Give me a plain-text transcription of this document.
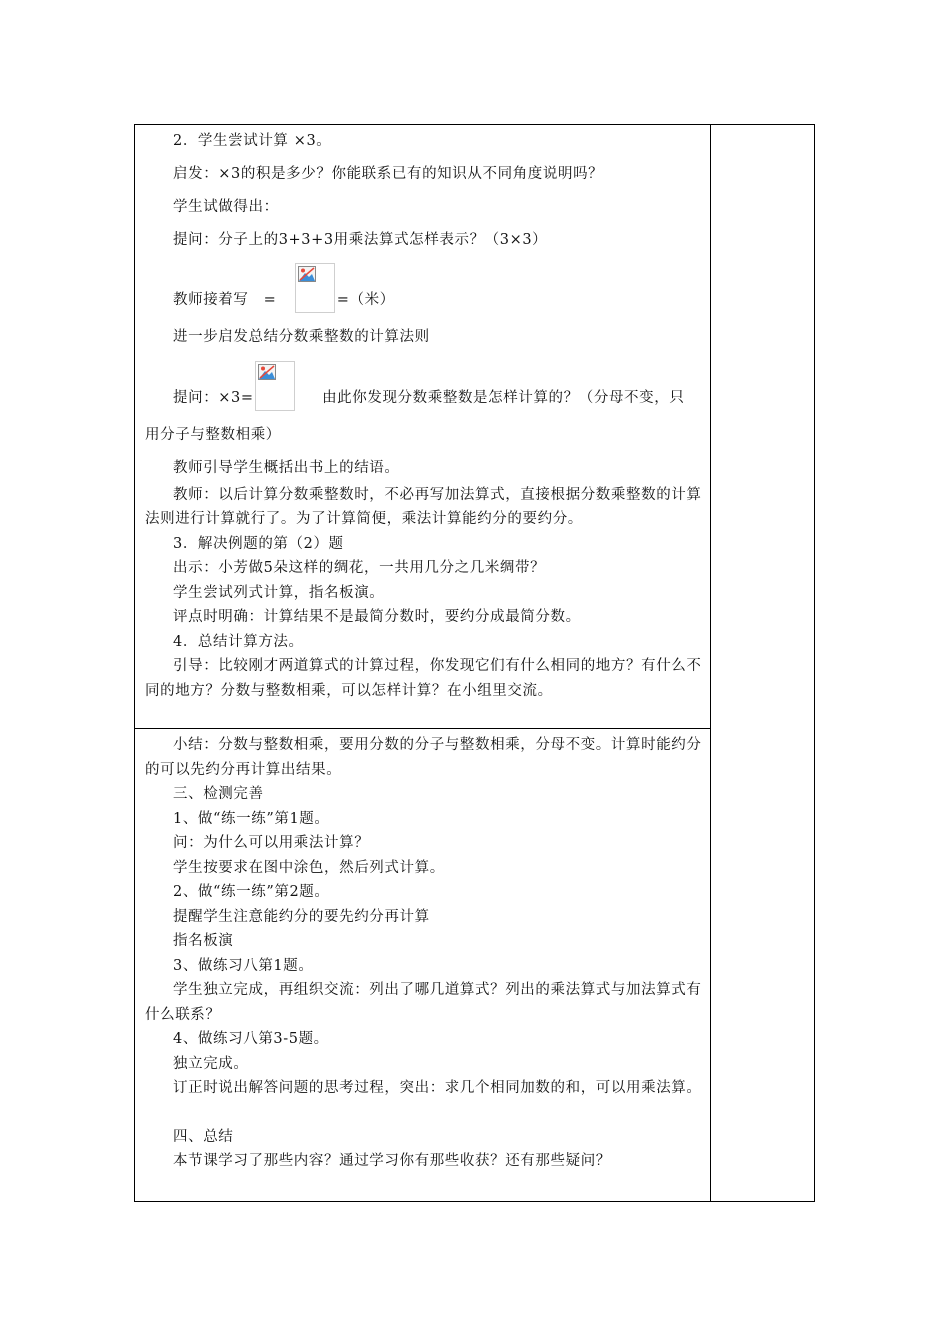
2．学生尝试计算 ×3。

启发：×3的积是多少？你能联系已有的知识从不同角度说明吗？

学生试做得出：

提问：分子上的3+3+3用乘法算式怎样表示？（3×3）

教师接着写　=	=（米）

进一步启发总结分数乘整数的计算法则

提问：×3=	由此你发现分数乘整数是怎样计算的？（分母不变，只

用分子与整数相乘）

教师引导学生概括出书上的结语。

教师：以后计算分数乘整数时，不必再写加法算式，直接根据分数乘整数的计算法则进行计算就行了。为了计算简便，乘法计算能约分的要约分。

3．解决例题的第（2）题

出示：小芳做5朵这样的绸花，一共用几分之几米绸带？

学生尝试列式计算，指名板演。

评点时明确：计算结果不是最简分数时，要约分成最简分数。

4．总结计算方法。

引导：比较刚才两道算式的计算过程，你发现它们有什么相同的地方？有什么不同的地方？分数与整数相乘，可以怎样计算？在小组里交流。

小结：分数与整数相乘，要用分数的分子与整数相乘，分母不变。计算时能约分的可以先约分再计算出结果。

三、检测完善

1、做“练一练”第1题。

问：为什么可以用乘法计算？

学生按要求在图中涂色，然后列式计算。

2、做“练一练”第2题。

提醒学生注意能约分的要先约分再计算

指名板演

3、做练习八第1题。

学生独立完成，再组织交流：列出了哪几道算式？列出的乘法算式与加法算式有什么联系？

4、做练习八第3-5题。

独立完成。

订正时说出解答问题的思考过程，突出：求几个相同加数的和，可以用乘法算。

四、总结

本节课学习了那些内容？通过学习你有那些收获？还有那些疑问？
